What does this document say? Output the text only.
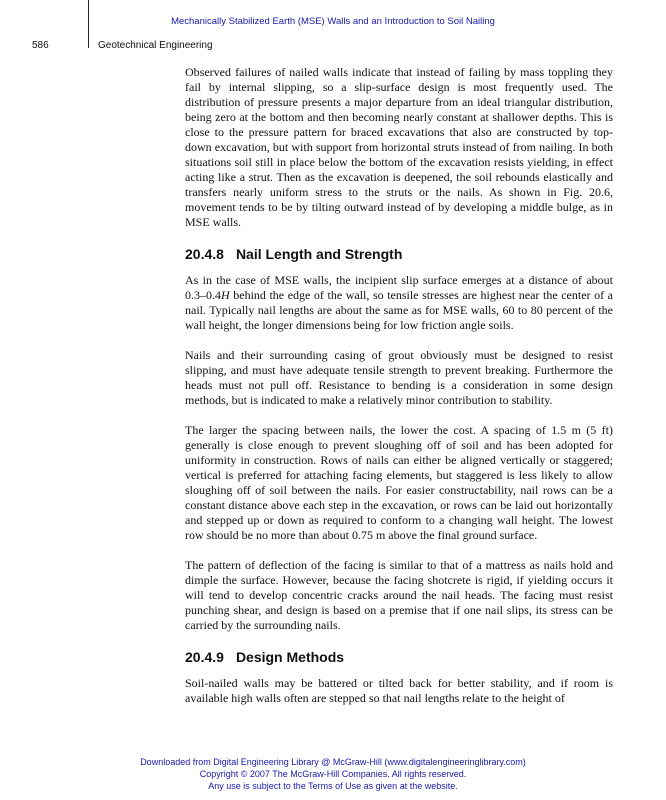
Mechanically Stabilized Earth (MSE) Walls and an Introduction to Soil Nailing
586	Geotechnical Engineering

Observed failures of nailed walls indicate that instead of failing by mass toppling they fail by internal slipping, so a slip-surface design is most frequently used. The distribution of pressure presents a major departure from an ideal triangular distribution, being zero at the bottom and then becoming nearly constant at shallower depths. This is close to the pressure pattern for braced excavations that also are constructed by top-down excavation, but with support from horizontal struts instead of from nailing. In both situations soil still in place below the bottom of the excavation resists yielding, in effect acting like a strut. Then as the excavation is deepened, the soil rebounds elastically and transfers nearly uniform stress to the struts or the nails. As shown in Fig. 20.6, movement tends to be by tilting outward instead of by developing a middle bulge, as in MSE walls.

20.4.8 Nail Length and Strength

As in the case of MSE walls, the incipient slip surface emerges at a distance of about 0.3–0.4H behind the edge of the wall, so tensile stresses are highest near the center of a nail. Typically nail lengths are about the same as for MSE walls, 60 to 80 percent of the wall height, the longer dimensions being for low friction angle soils.

Nails and their surrounding casing of grout obviously must be designed to resist slipping, and must have adequate tensile strength to prevent breaking. Furthermore the heads must not pull off. Resistance to bending is a consideration in some design methods, but is indicated to make a relatively minor contribution to stability.

The larger the spacing between nails, the lower the cost. A spacing of 1.5 m (5 ft) generally is close enough to prevent sloughing off of soil and has been adopted for uniformity in construction. Rows of nails can either be aligned vertically or staggered; vertical is preferred for attaching facing elements, but staggered is less likely to allow sloughing off of soil between the nails. For easier constructability, nail rows can be a constant distance above each step in the excavation, or rows can be laid out horizontally and stepped up or down as required to conform to a changing wall height. The lowest row should be no more than about 0.75 m above the final ground surface.

The pattern of deflection of the facing is similar to that of a mattress as nails hold and dimple the surface. However, because the facing shotcrete is rigid, if yielding occurs it will tend to develop concentric cracks around the nail heads. The facing must resist punching shear, and design is based on a premise that if one nail slips, its stress can be carried by the surrounding nails.

20.4.9 Design Methods

Soil-nailed walls may be battered or tilted back for better stability, and if room is available high walls often are stepped so that nail lengths relate to the height of

Downloaded from Digital Engineering Library @ McGraw-Hill (www.digitalengineeringlibrary.com)
Copyright © 2007 The McGraw-Hill Companies. All rights reserved.
Any use is subject to the Terms of Use as given at the website.
